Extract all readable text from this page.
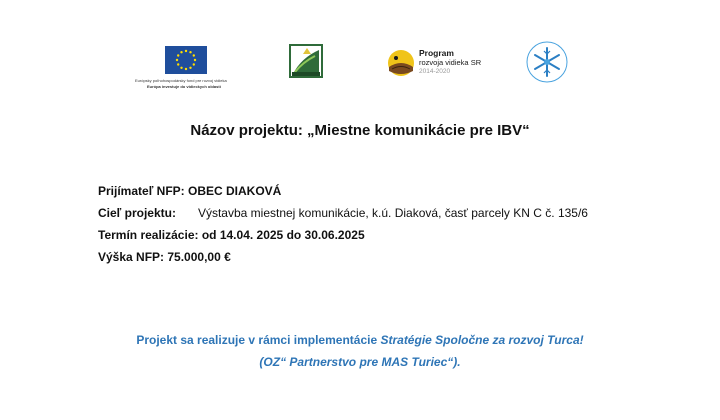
Európsky poľnohospodársky fond pre rozvoj vidieka
Európa investuje do vidieckych oblastí
Program
rozvoja vidieka SR
2014-2020
Názov projektu: „Miestne komunikácie pre IBV“
Prijímateľ NFP: OBEC DIAKOVÁ
Cieľ projektu: Výstavba miestnej komunikácie, k.ú. Diaková, časť parcely KN C č. 135/6
Termín realizácie: od 14.04. 2025 do 30.06.2025
Výška NFP: 75.000,00 €
Projekt sa realizuje v rámci implementácie Stratégie Spoločne za rozvoj Turca!
(OZ“ Partnerstvo pre MAS Turiec“).
